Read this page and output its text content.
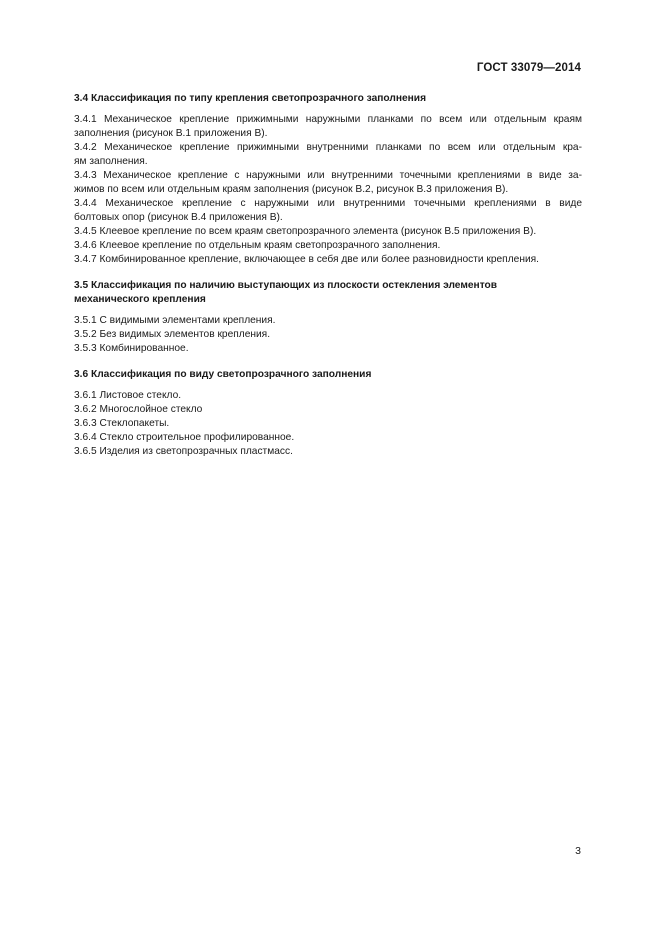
ГОСТ 33079—2014

3.4 Классификация по типу крепления светопрозрачного заполнения

3.4.1 Механическое крепление прижимными наружными планками по всем или отдельным краям
заполнения (рисунок В.1 приложения В).
3.4.2 Механическое крепление прижимными внутренними планками по всем или отдельным кра-
ям заполнения.
3.4.3 Механическое крепление с наружными или внутренними точечными креплениями в виде за-
жимов по всем или отдельным краям заполнения (рисунок В.2, рисунок В.3 приложения В).
3.4.4 Механическое крепление с наружными или внутренними точечными креплениями в виде
болтовых опор (рисунок В.4 приложения В).
3.4.5 Клеевое крепление по всем краям светопрозрачного элемента (рисунок В.5 приложения В).
3.4.6 Клеевое крепление по отдельным краям светопрозрачного заполнения.
3.4.7 Комбинированное крепление, включающее в себя две или более разновидности крепления.

3.5 Классификация по наличию выступающих из плоскости остекления элементов
механического крепления

3.5.1 С видимыми элементами крепления.
3.5.2 Без видимых элементов крепления.
3.5.3 Комбинированное.

3.6 Классификация по виду светопрозрачного заполнения

3.6.1 Листовое стекло.
3.6.2 Многослойное стекло
3.6.3 Стеклопакеты.
3.6.4 Стекло строительное профилированное.
3.6.5 Изделия из светопрозрачных пластмасс.
3
